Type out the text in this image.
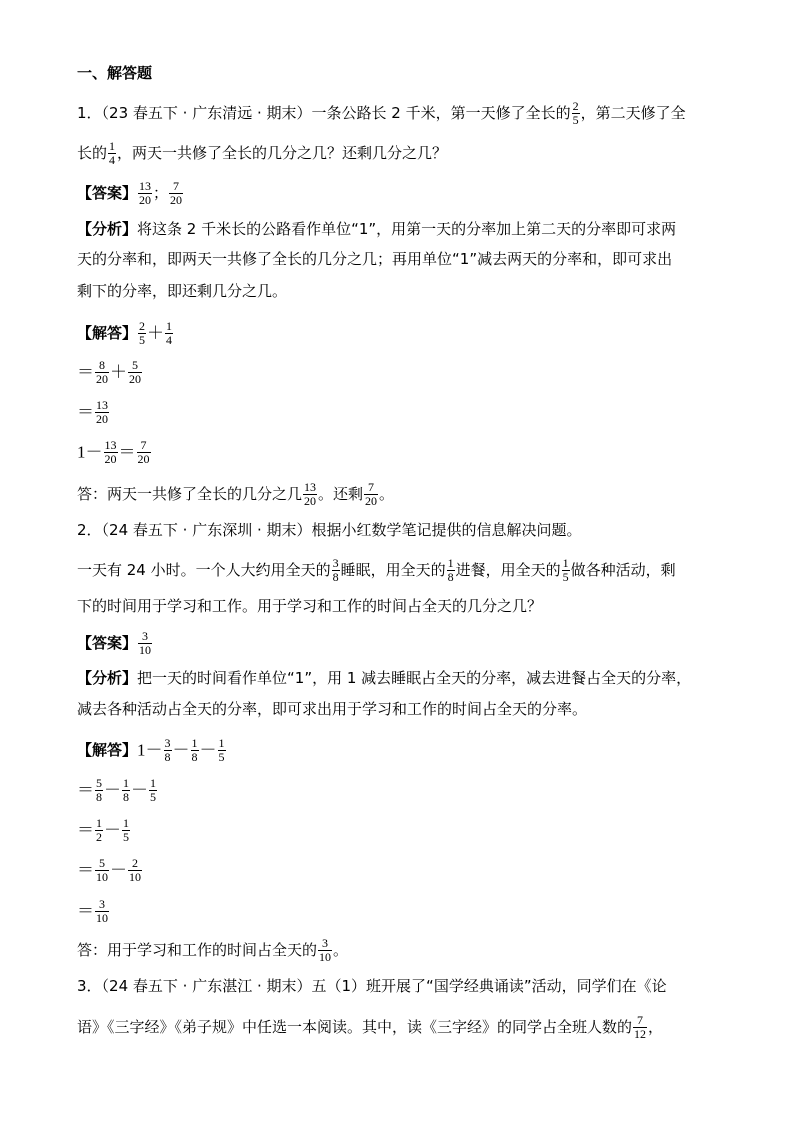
一、解答题
1．（23 春五下 · 广东清远 · 期末）一条公路长 2 千米，第一天修了全长的 $\frac{2}{5}$ ，第二天修了全
长的 $\frac{1}{4}$ ，两天一共修了全长的几分之几？还剩几分之几？
【答案】 $\frac{13}{20}$ ； $\frac{7}{20}$
【分析】将这条 2 千米长的公路看作单位“1”，用第一天的分率加上第二天的分率即可求两
天的分率和，即两天一共修了全长的几分之几；再用单位“1”减去两天的分率和，即可求出
剩下的分率，即还剩几分之几。
【解答】 $\frac{2}{5} + \frac{1}{4}$
＝ $\frac{8}{20} + \frac{5}{20}$
＝ $\frac{13}{20}$
$1- \frac{13}{20} = \frac{7}{20}$
答：两天一共修了全长的几分之几 $\frac{13}{20}$ 。还剩 $\frac{7}{20}$ 。
2．（24 春五下 · 广东深圳 · 期末）根据小红数学笔记提供的信息解决问题。
一天有 24 小时。一个人大约用全天的 $\frac{3}{8}$ 睡眠，用全天的 $\frac{1}{8}$ 进餐，用全天的 $\frac{1}{5}$ 做各种活动，剩
下的时间用于学习和工作。用于学习和工作的时间占全天的几分之几？
【答案】 $\frac{3}{10}$
【分析】把一天的时间看作单位“1”，用 1 减去睡眠占全天的分率，减去进餐占全天的分率，
减去各种活动占全天的分率，即可求出用于学习和工作的时间占全天的分率。
【解答】$1- \frac{3}{8} - \frac{1}{8} - \frac{1}{5}$
＝ $\frac{5}{8} - \frac{1}{8} - \frac{1}{5}$
＝ $\frac{1}{2} - \frac{1}{5}$
＝ $\frac{5}{10} - \frac{2}{10}$
＝ $\frac{3}{10}$
答：用于学习和工作的时间占全天的 $\frac{3}{10}$ 。
3．（24 春五下 · 广东湛江 · 期末）五（1）班开展了“国学经典诵读”活动，同学们在《论
语》《三字经》《弟子规》中任选一本阅读。其中，读《三字经》的同学占全班人数的 $\frac{7}{12}$ ，
